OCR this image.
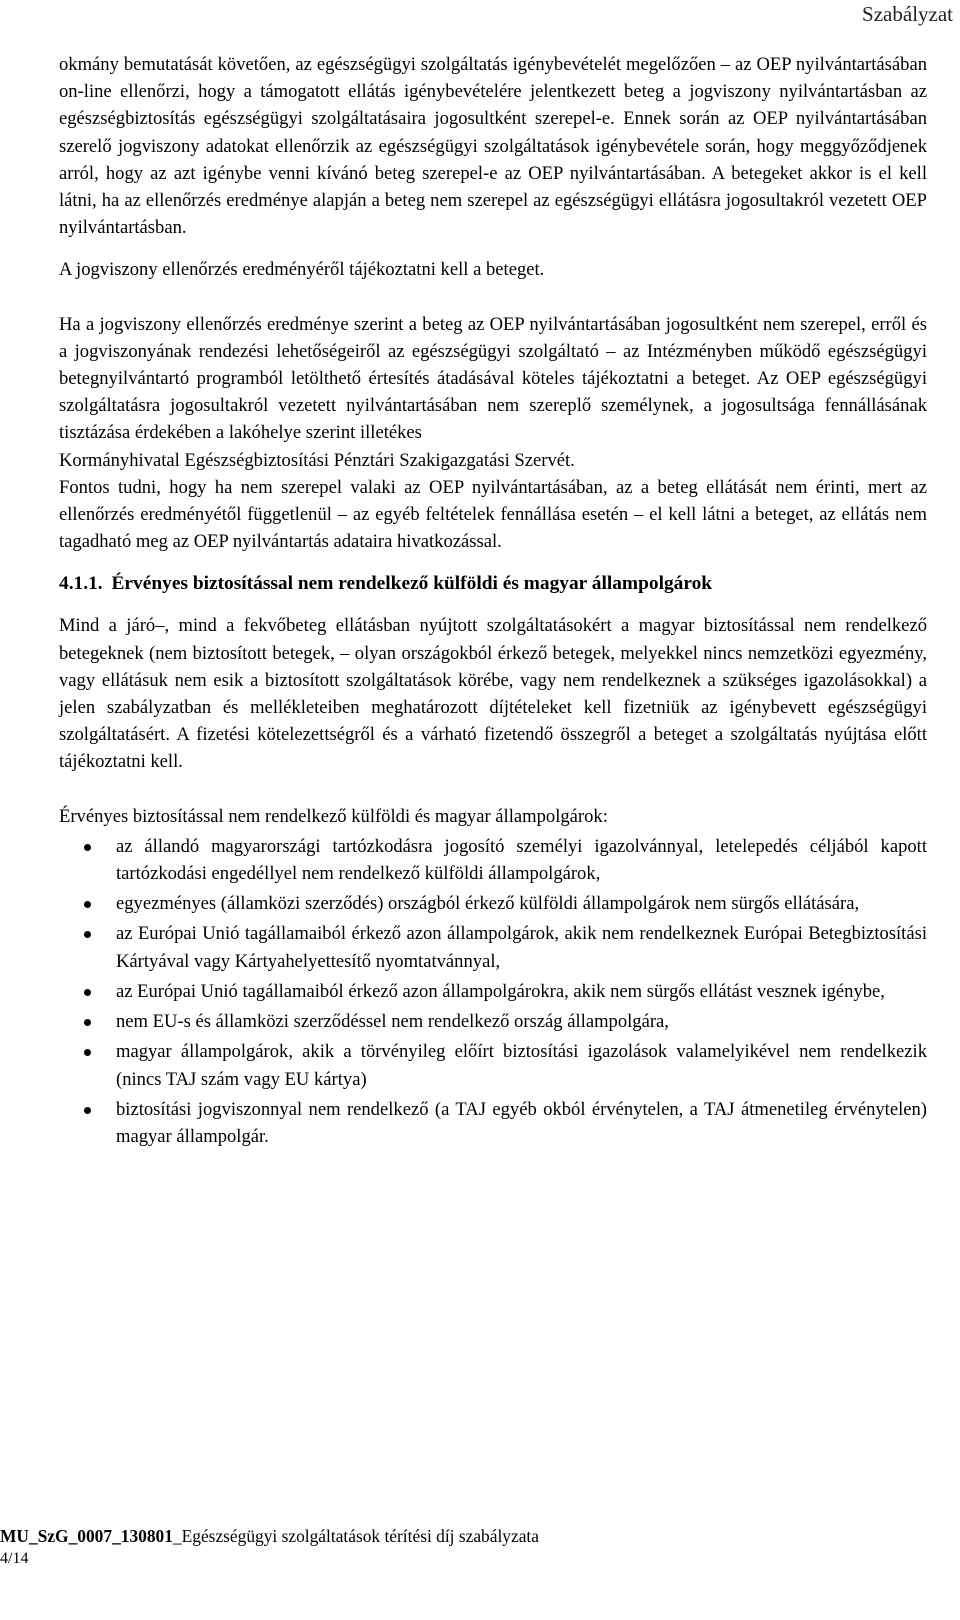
Szabályzat

okmány bemutatását követően, az egészségügyi szolgáltatás igénybevételét megelőzően – az OEP nyilvántartásában on-line ellenőrzi, hogy a támogatott ellátás igénybevételére jelentkezett beteg a jogviszony nyilvántartásban az egészségbiztosítás egészségügyi szolgáltatásaira jogosultként szerepel-e. Ennek során az OEP nyilvántartásában szerelő jogviszony adatokat ellenőrzik az egészségügyi szolgáltatások igénybevétele során, hogy meggyőződjenek arról, hogy az azt igénybe venni kívánó beteg szerepel-e az OEP nyilvántartásában. A betegeket akkor is el kell látni, ha az ellenőrzés eredménye alapján a beteg nem szerepel az egészségügyi ellátásra jogosultakról vezetett OEP nyilvántartásban.

A jogviszony ellenőrzés eredményéről tájékoztatni kell a beteget.

Ha a jogviszony ellenőrzés eredménye szerint a beteg az OEP nyilvántartásában jogosultként nem szerepel, erről és a jogviszonyának rendezési lehetőségeiről az egészségügyi szolgáltató – az Intézményben működő egészségügyi betegnyilvántartó programból letölthető értesítés átadásával köteles tájékoztatni a beteget. Az OEP egészségügyi szolgáltatásra jogosultakról vezetett nyilvántartásában nem szereplő személynek, a jogosultsága fennállásának tisztázása érdekében a lakóhelye szerint illetékes

Kormányhivatal Egészségbiztosítási Pénztári Szakigazgatási Szervét.

Fontos tudni, hogy ha nem szerepel valaki az OEP nyilvántartásában, az a beteg ellátását nem érinti, mert az ellenőrzés eredményétől függetlenül – az egyéb feltételek fennállása esetén – el kell látni a beteget, az ellátás nem tagadható meg az OEP nyilvántartás adataira hivatkozással.

4.1.1. Érvényes biztosítással nem rendelkező külföldi és magyar állampolgárok

Mind a járó–, mind a fekvőbeteg ellátásban nyújtott szolgáltatásokért a magyar biztosítással nem rendelkező betegeknek (nem biztosított betegek, – olyan országokból érkező betegek, melyekkel nincs nemzetközi egyezmény, vagy ellátásuk nem esik a biztosított szolgáltatások körébe, vagy nem rendelkeznek a szükséges igazolásokkal) a jelen szabályzatban és mellékleteiben meghatározott díjtételeket kell fizetniük az igénybevett egészségügyi szolgáltatásért. A fizetési kötelezettségről és a várható fizetendő összegről a beteget a szolgáltatás nyújtása előtt tájékoztatni kell.

Érvényes biztosítással nem rendelkező külföldi és magyar állampolgárok:

az állandó magyarországi tartózkodásra jogosító személyi igazolvánnyal, letelepedés céljából kapott tartózkodási engedéllyel nem rendelkező külföldi állampolgárok,
egyezményes (államközi szerződés) országból érkező külföldi állampolgárok nem sürgős ellátására,
az Európai Unió tagállamaiból érkező azon állampolgárok, akik nem rendelkeznek Európai Betegbiztosítási Kártyával vagy Kártyahelyettesítő nyomtatvánnyal,
az Európai Unió tagállamaiból érkező azon állampolgárokra, akik nem sürgős ellátást vesznek igénybe,
nem EU-s és államközi szerződéssel nem rendelkező ország állampolgára,
magyar állampolgárok, akik a törvényileg előírt biztosítási igazolások valamelyikével nem rendelkezik (nincs TAJ szám vagy EU kártya)
biztosítási jogviszonnyal nem rendelkező (a TAJ egyéb okból érvénytelen, a TAJ átmenetileg érvénytelen) magyar állampolgár.
MU_SzG_0007_130801_Egészségügyi szolgáltatások térítési díj szabályzata
4/14
